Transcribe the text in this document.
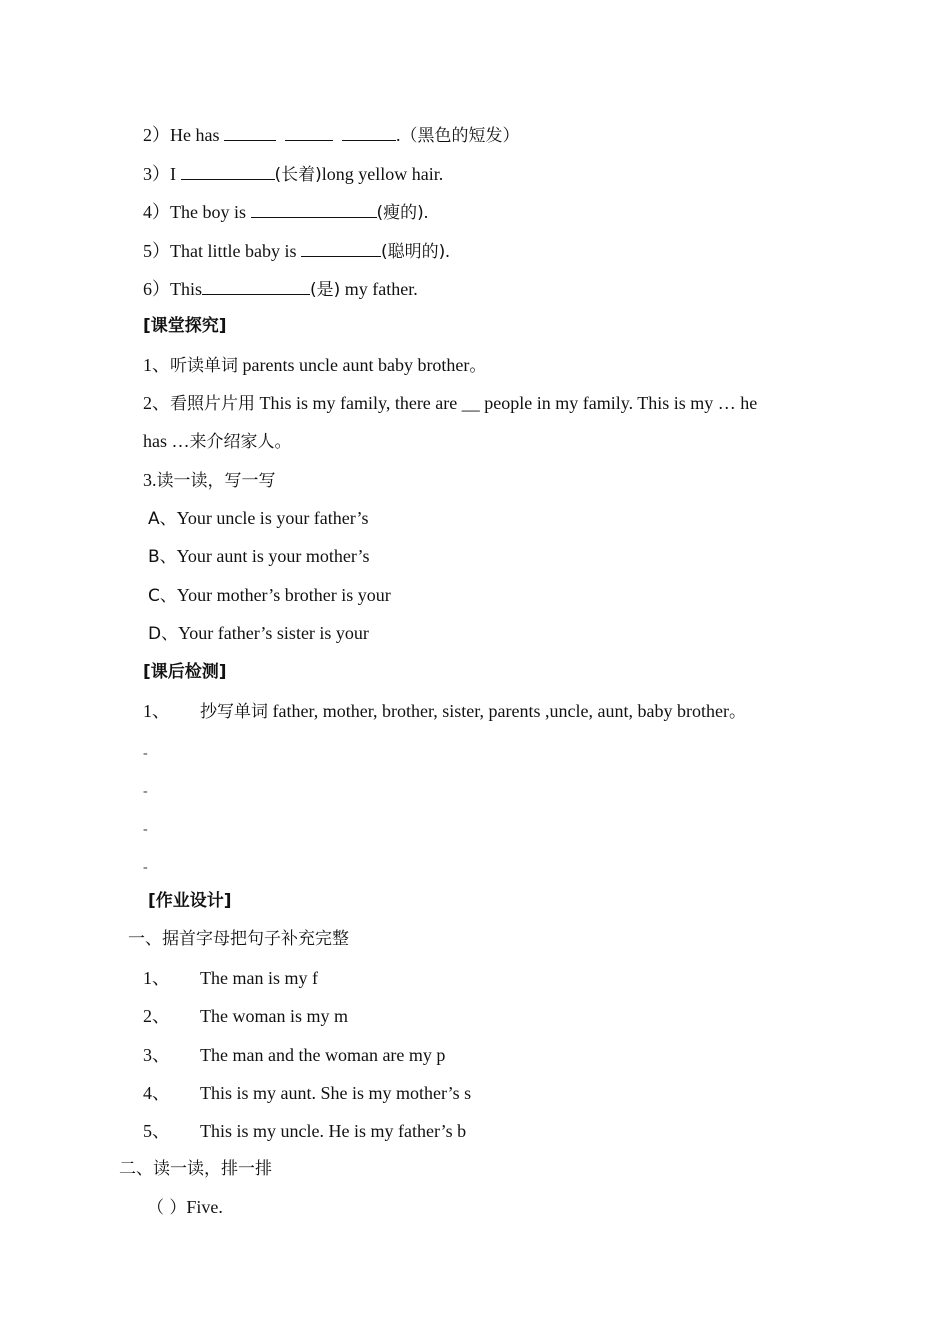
2）He has	.（黑色的短发）
3）I	(长着)long yellow hair.
4）The boy is	(瘦的).
5）That little baby is	(聪明的).
6）This	(是) my father.
[课堂探究]
1、听读单词 parents uncle aunt baby brother。
2、看照片片用 This is my family, there are __ people in my family. This is my … he
has …来介绍家人。
3.读一读，写一写
A、Your uncle is your father’s
B、Your aunt is your mother’s
C、Your mother’s brother is your
D、Your father’s sister is your
[课后检测]
1、 抄写单词 father, mother, brother, sister, parents ,uncle, aunt, baby brother。
-
-
-
-
[作业设计]
一、据首字母把句子补充完整
1、 The man is my f
2、 The woman is my m
3、 The man and the woman are my p
4、 This is my aunt. She is my mother’s s
5、 This is my uncle. He is my father’s b
二、读一读，排一排
（ ）Five.
